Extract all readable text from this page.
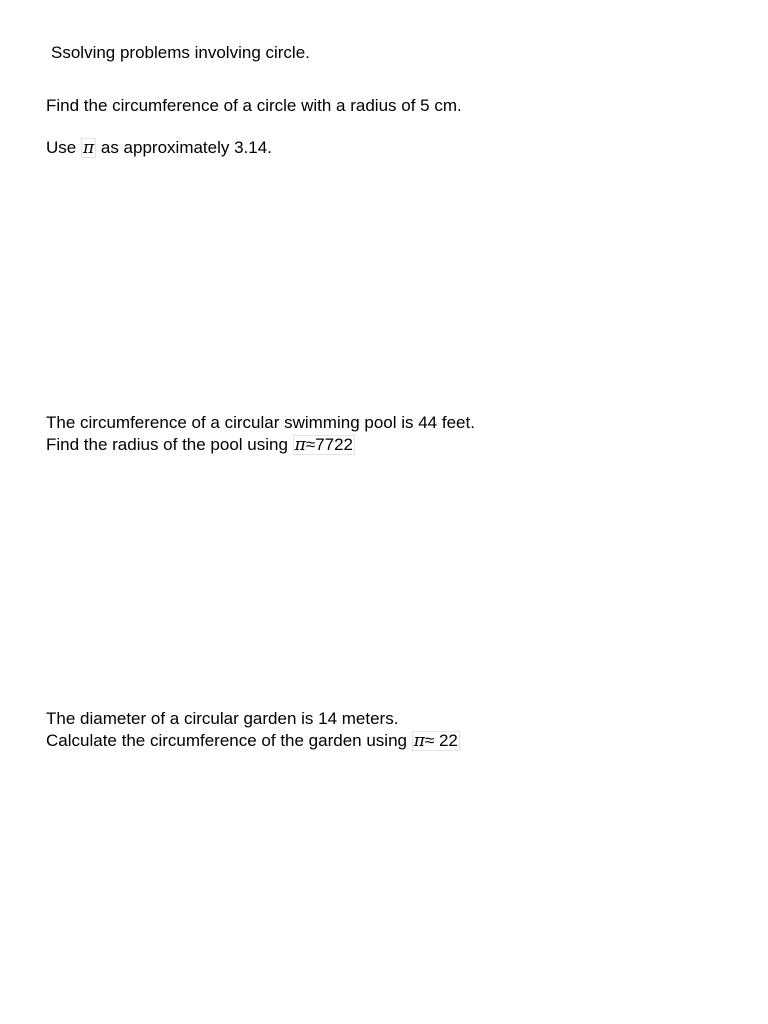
Ssolving problems involving circle.
Find the circumference of a circle with a radius of 5 cm.
Use π as approximately 3.14.
The circumference of a circular swimming pool is 44 feet.
Find the radius of the pool using π≈7722
The diameter of a circular garden is 14 meters.
Calculate the circumference of the garden using π≈ 22
